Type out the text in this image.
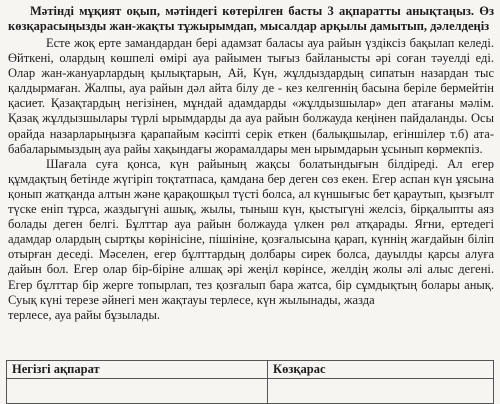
Мәтінді мұқият оқып, мәтіндегі көтерілген басты 3 ақпаратты анықтаңыз. Өз көзқарасыңызды жан-жақты тұжырымдап, мысалдар арқылы дамытып, дәлелдеңіз

Есте жоқ ерте замандардан бері адамзат баласы ауа райын үздіксіз бақылап келеді. Өйткені, олардың көшпелі өмірі ауа райымен тығыз байланысты әрі соған тәуелді еді. Олар жан-жануарлардың қылықтарын, Ай, Күн, жұлдыздардың сипатын назардан тыс қалдырмаған. Жалпы, ауа райын дәл айта білу де - кез келгеннің басына беріле бермейтін қасиет. Қазақтардың негізінен, мұндай адамдарды «жұлдызшылар» деп атағаны мәлім. Қазақ жұлдызшылары түрлі ырымдарды да ауа райын болжауда кеңінен пайдаланды. Осы орайда назарларыңызға қарапайым кәсіпті серік еткен (балықшылар, егіншілер т.б) ата- бабаларымыздың ауа райы хақындағы жорамалдары мен ырымдарын ұсынып көрмекпіз.

Шағала суға қонса, күн райының жақсы болатындығын білдіреді. Ал егер құмдақтың бетінде жүгіріп тоқтатпаса, қамдана бер деген сөз екен. Егер аспан күн ұясына қонып жатқанда алтын және қарақошқыл түсті болса, ал күншығыс бет қараутып, қызғылт түске еніп тұрса, жаздыгүні ашық, жылы, тыныш күн, қыстыгүні желсіз, бірқалыпты аяз болады деген белгі. Бұлттар ауа райын болжауда үлкен рөл атқарады. Яғни, ертедегі адамдар олардың сыртқы көрінісіне, пішініне, қозғалысына қарап, күннің жағдайын біліп отырған деседі. Мәселен, егер бұлттардың долбары сирек болса, дауылды қарсы алуға дайын бол. Егер олар бір-біріне алшақ әрі жеңіл көрінсе, желдің жолы әлі алыс дегені. Егер бұлттар бір жерге топырлап, тез қозғалып бара жатса, бір сұмдықтың болары анық. Суық күні терезе әйнегі мен жақтауы терлесе, күн жылынады, жазда

терлесе, ауа райы бұзылады.

Негізгі ақпарат	Көзқарас
